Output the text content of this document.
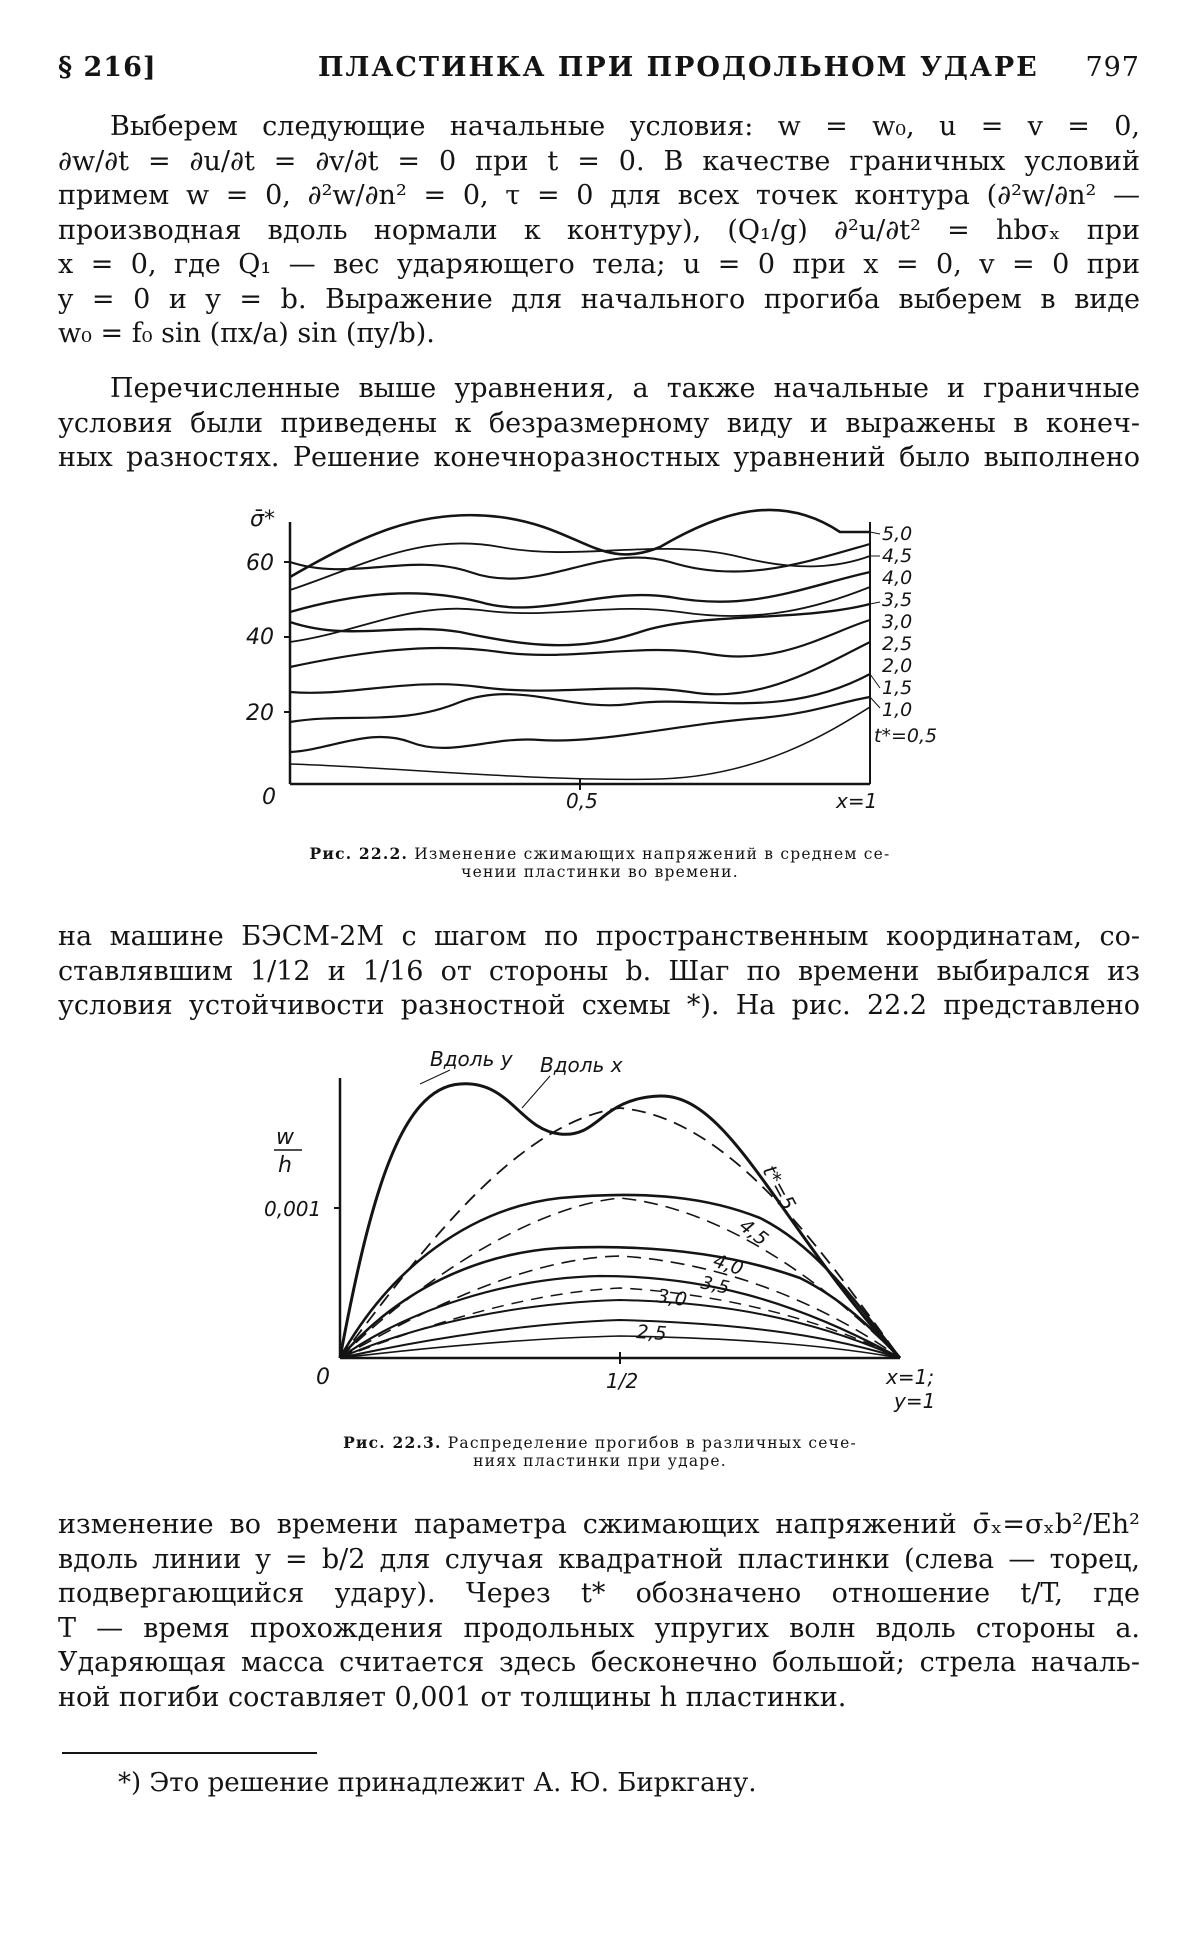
§ 216]	ПЛАСТИНКА ПРИ ПРОДОЛЬНОМ УДАРЕ 797
Выберем следующие начальные условия: w = w₀, u = v = 0,
∂w/∂t = ∂u/∂t = ∂v/∂t = 0 при t = 0. В качестве граничных условий
примем w = 0, ∂²w/∂n² = 0, τ = 0 для всех точек контура (∂²w/∂n² —
производная вдоль нормали к контуру), (Q₁/g) ∂²u/∂t² = hbσₓ при
x = 0, где Q₁ — вес ударяющего тела; u = 0 при x = 0, v = 0 при
y = 0 и y = b. Выражение для начального прогиба выберем в виде
w₀ = f₀ sin (πx/a) sin (πy/b).
Перечисленные выше уравнения, а также начальные и граничные
условия были приведены к безразмерному виду и выражены в конеч-
ных разностях. Решение конечноразностных уравнений было выполнено
σ̄*
60
40
20
0	0,5	x=1
5,0
4,5
4,0
3,5
3,0
2,5
2,0
1,5
1,0
t*=0,5
Рис. 22.2. Изменение сжимающих напряжений в среднем се-
чении пластинки во времени.
на машине БЭСМ-2М с шагом по пространственным координатам, со-
ставлявшим 1/12 и 1/16 от стороны b. Шаг по времени выбирался из
условия устойчивости разностной схемы *). На рис. 22.2 представлено
w
h
0,001
0	1/2	x=1;
y=1
Вдоль y Вдоль x
t*=5
4,5
4,0
3,5
3,0
2,5
Рис. 22.3. Распределение прогибов в различных сече-
ниях пластинки при ударе.
изменение во времени параметра сжимающих напряжений σ̄ₓ=σₓb²/Eh²
вдоль линии y = b/2 для случая квадратной пластинки (слева — торец,
подвергающийся удару). Через t* обозначено отношение t/T, где
T — время прохождения продольных упругих волн вдоль стороны a.
Ударяющая масса считается здесь бесконечно большой; стрела началь-
ной погиби составляет 0,001 от толщины h пластинки.
*) Это решение принадлежит А. Ю. Биркгану.
